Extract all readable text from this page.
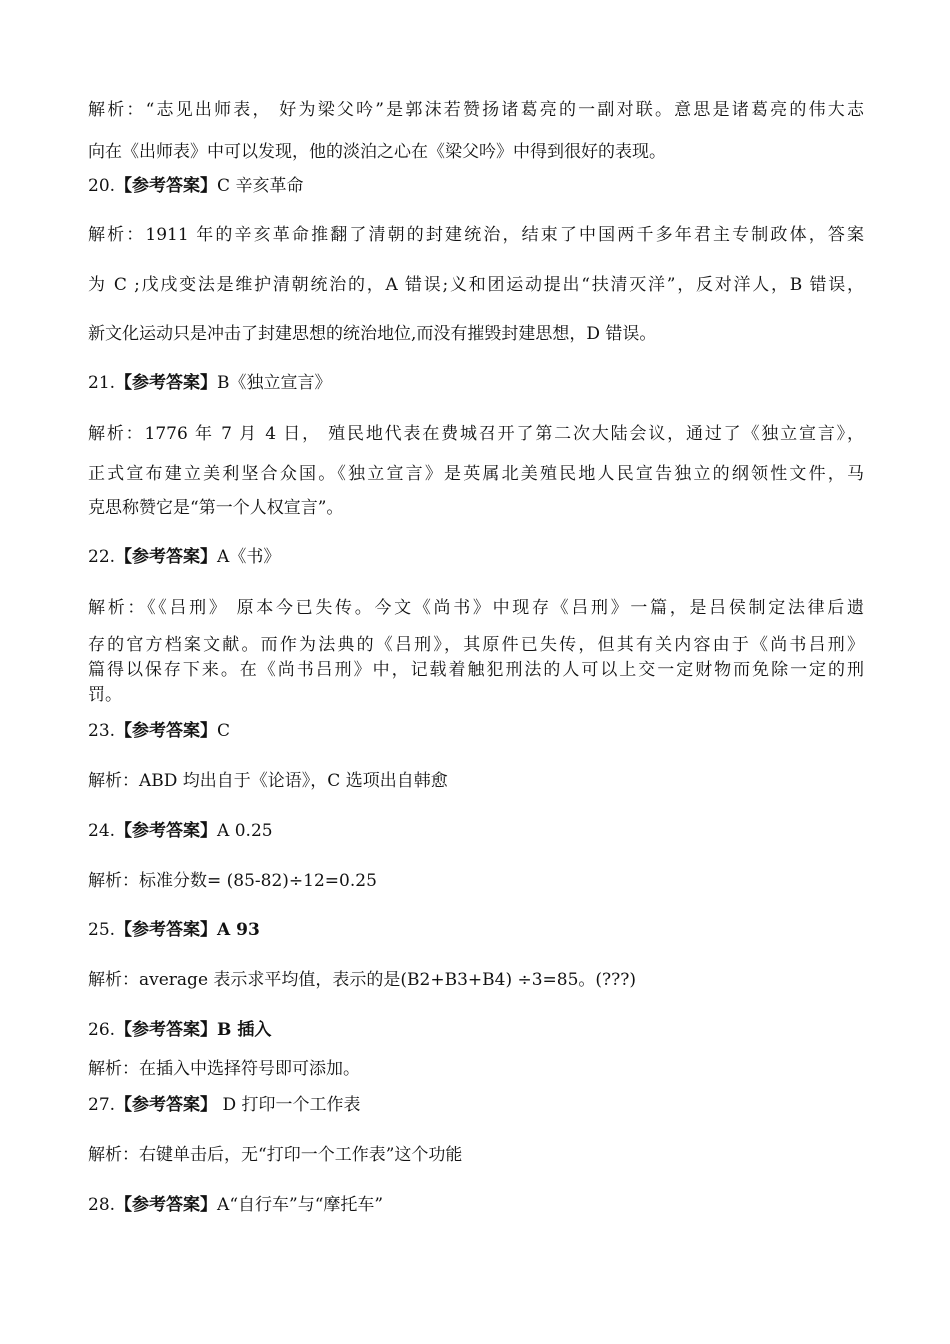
解析：“志见出师表， 好为梁父吟”是郭沫若赞扬诸葛亮的一副对联。意思是诸葛亮的伟大志
向在《出师表》中可以发现，他的淡泊之心在《梁父吟》中得到很好的表现。
20.【参考答案】C 辛亥革命
解析：1911 年的辛亥革命推翻了清朝的封建统治，结束了中国两千多年君主专制政体，答案
为 C ;戊戌变法是维护清朝统治的，A 错误;义和团运动提出“扶清灭洋”，反对洋人，B 错误，
新文化运动只是冲击了封建思想的统治地位,而没有摧毁封建思想，D 错误。
21.【参考答案】B《独立宣言》
解析：1776 年 7 月 4 日， 殖民地代表在费城召开了第二次大陆会议，通过了《独立宣言》，
正式宣布建立美利坚合众国。《独立宣言》是英属北美殖民地人民宣告独立的纲领性文件，马
克思称赞它是“第一个人权宣言”。
22.【参考答案】A《书》
解析：《《吕刑》 原本今已失传。今文《尚书》中现存《吕刑》一篇，是吕侯制定法律后遗
存的官方档案文献。而作为法典的《吕刑》，其原件已失传，但其有关内容由于《尚书吕刑》
篇得以保存下来。在《尚书吕刑》中，记载着触犯刑法的人可以上交一定财物而免除一定的刑
罚。
23.【参考答案】C
解析：ABD 均出自于《论语》，C 选项出自韩愈
24.【参考答案】A 0.25
解析：标准分数= (85-82)÷12=0.25
25.【参考答案】A 93
解析：average 表示求平均值，表示的是(B2+B3+B4) ÷3=85。(???)
26.【参考答案】B 插入
解析：在插入中选择符号即可添加。
27.【参考答案】 D 打印一个工作表
解析：右键单击后，无“打印一个工作表”这个功能
28.【参考答案】A“自行车”与“摩托车”
